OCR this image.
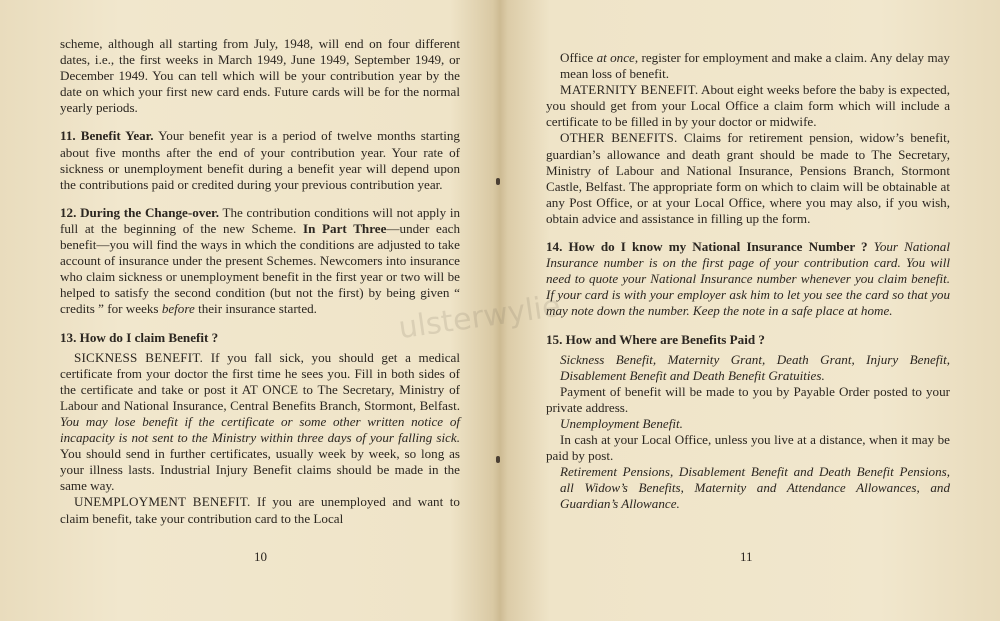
ulsterwylie

scheme, although all starting from July, 1948, will end on four different dates, i.e., the first weeks in March 1949, June 1949, September 1949, or December 1949. You can tell which will be your contribution year by the date on which your first new card ends. Future cards will be for the normal yearly periods.

11. Benefit Year. Your benefit year is a period of twelve months starting about five months after the end of your contribution year. Your rate of sickness or unemployment benefit during a benefit year will depend upon the contributions paid or credited during your previous contribution year.

12. During the Change-over. The contribution conditions will not apply in full at the beginning of the new Scheme. In Part Three—under each benefit—you will find the ways in which the conditions are adjusted to take account of insurance under the present Schemes. Newcomers into insurance who claim sickness or unemployment benefit in the first year or two will be helped to satisfy the second condition (but not the first) by being given “ credits ” for weeks before their insurance started.

13. How do I claim Benefit ?

SICKNESS BENEFIT. If you fall sick, you should get a medical certificate from your doctor the first time he sees you. Fill in both sides of the certificate and take or post it AT ONCE to The Secretary, Ministry of Labour and National Insurance, Central Benefits Branch, Stormont, Belfast. You may lose benefit if the certificate or some other written notice of incapacity is not sent to the Ministry within three days of your falling sick. You should send in further certificates, usually week by week, so long as your illness lasts. Industrial Injury Benefit claims should be made in the same way.

UNEMPLOYMENT BENEFIT. If you are unemployed and want to claim benefit, take your contribution card to the Local

10

Office at once, register for employment and make a claim. Any delay may mean loss of benefit.

MATERNITY BENEFIT. About eight weeks before the baby is expected, you should get from your Local Office a claim form which will include a certificate to be filled in by your doctor or midwife.

OTHER BENEFITS. Claims for retirement pension, widow’s benefit, guardian’s allowance and death grant should be made to The Secretary, Ministry of Labour and National Insurance, Pensions Branch, Stormont Castle, Belfast. The appropriate form on which to claim will be obtainable at any Post Office, or at your Local Office, where you may also, if you wish, obtain advice and assistance in filling up the form.

14. How do I know my National Insurance Number ? Your National Insurance number is on the first page of your contribution card. You will need to quote your National Insurance number whenever you claim benefit. If your card is with your employer ask him to let you see the card so that you may note down the number. Keep the note in a safe place at home.

15. How and Where are Benefits Paid ?

Sickness Benefit, Maternity Grant, Death Grant, Injury Benefit, Disablement Benefit and Death Benefit Gratuities.

Payment of benefit will be made to you by Payable Order posted to your private address.

Unemployment Benefit.

In cash at your Local Office, unless you live at a distance, when it may be paid by post.

Retirement Pensions, Disablement Benefit and Death Benefit Pensions, all Widow’s Benefits, Maternity and Attendance Allowances, and Guardian’s Allowance.

11
